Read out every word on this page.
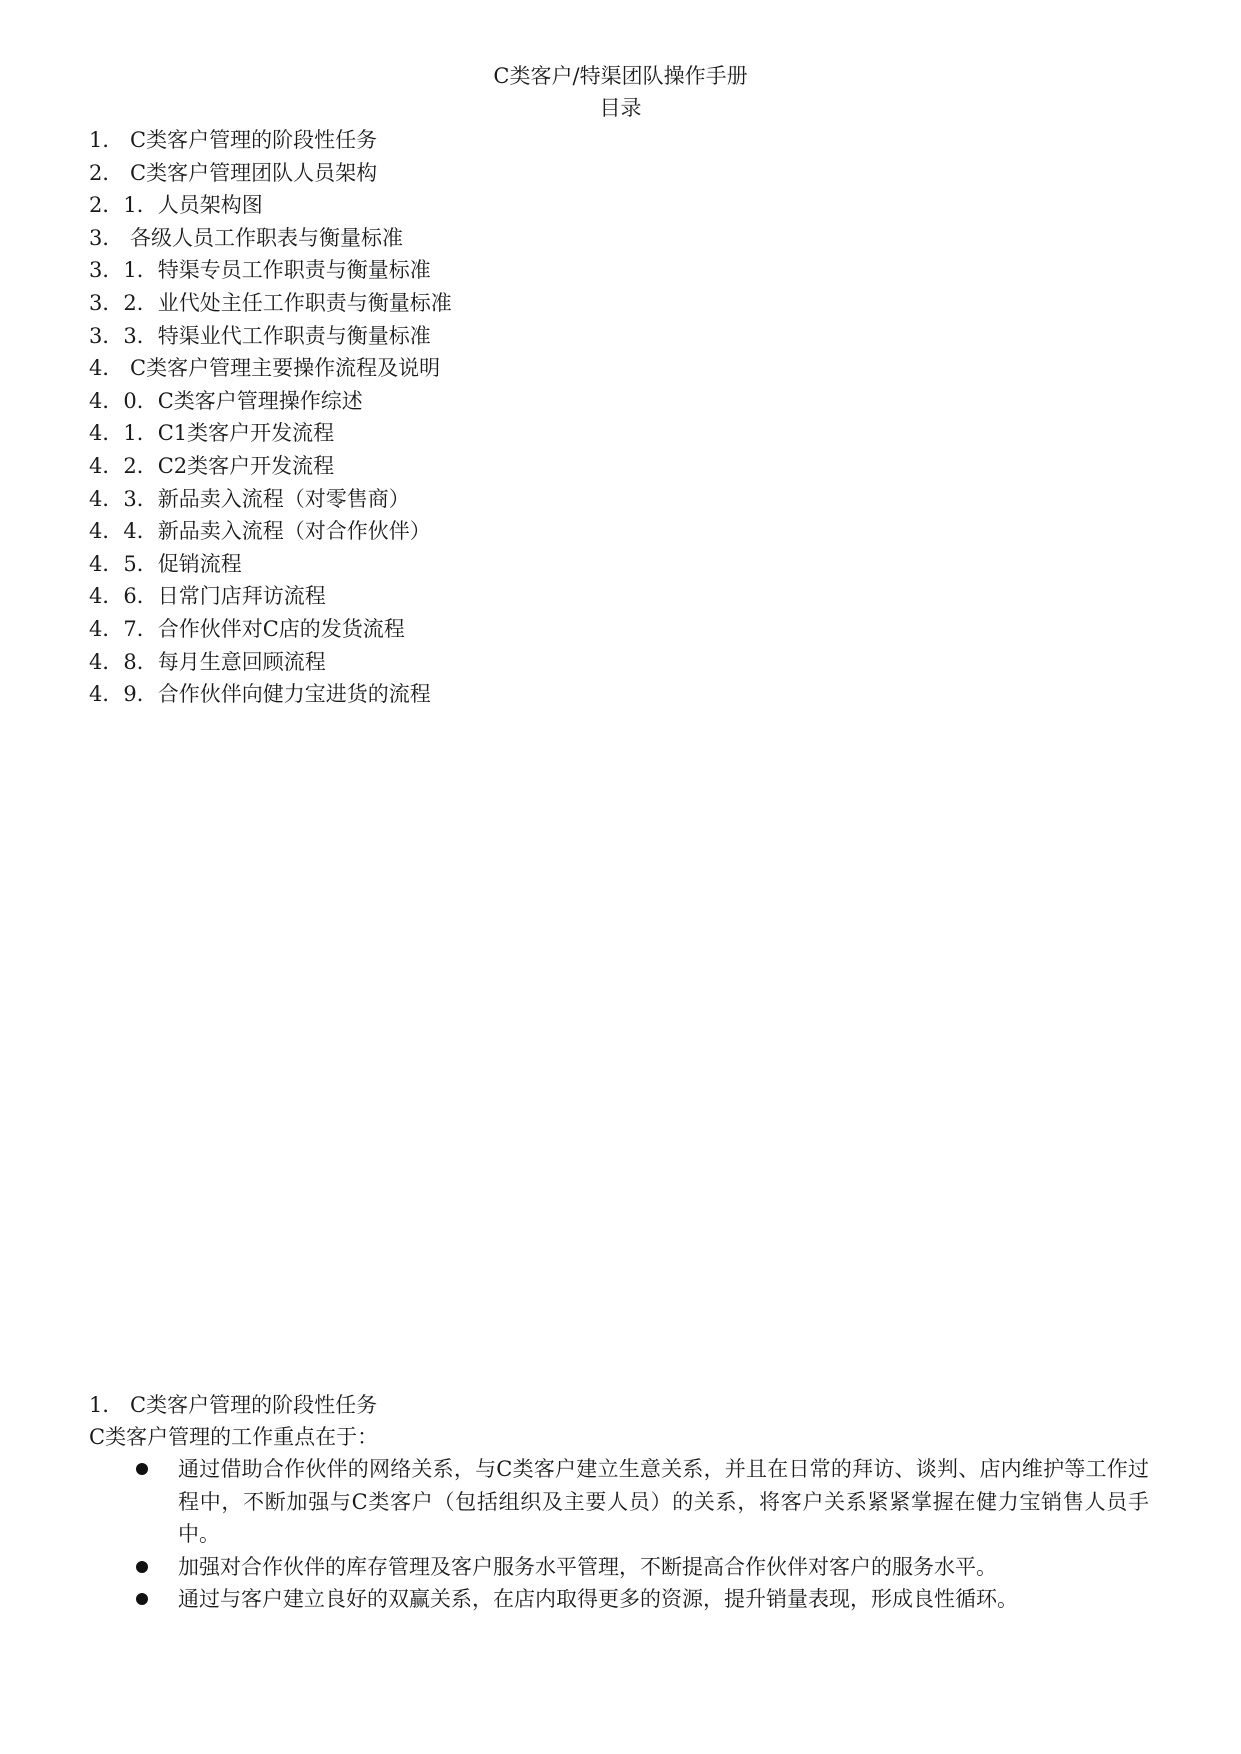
C类客户/特渠团队操作手册
目录
1． C类客户管理的阶段性任务
2． C类客户管理团队人员架构
2．1．人员架构图
3． 各级人员工作职表与衡量标准
3．1．特渠专员工作职责与衡量标准
3．2．业代处主任工作职责与衡量标准
3．3．特渠业代工作职责与衡量标准
4． C类客户管理主要操作流程及说明
4．0．C类客户管理操作综述
4．1．C1类客户开发流程
4．2．C2类客户开发流程
4．3．新品卖入流程（对零售商）
4．4．新品卖入流程（对合作伙伴）
4．5．促销流程
4．6．日常门店拜访流程
4．7．合作伙伴对C店的发货流程
4．8．每月生意回顾流程
4．9．合作伙伴向健力宝进货的流程
1． C类客户管理的阶段性任务

C类客户管理的工作重点在于：

通过借助合作伙伴的网络关系，与C类客户建立生意关系，并且在日常的拜访、谈判、店内维护等工作过程中，不断加强与C类客户（包括组织及主要人员）的关系，将客户关系紧紧掌握在健力宝销售人员手中。
加强对合作伙伴的库存管理及客户服务水平管理，不断提高合作伙伴对客户的服务水平。
通过与客户建立良好的双赢关系，在店内取得更多的资源，提升销量表现，形成良性循环。
